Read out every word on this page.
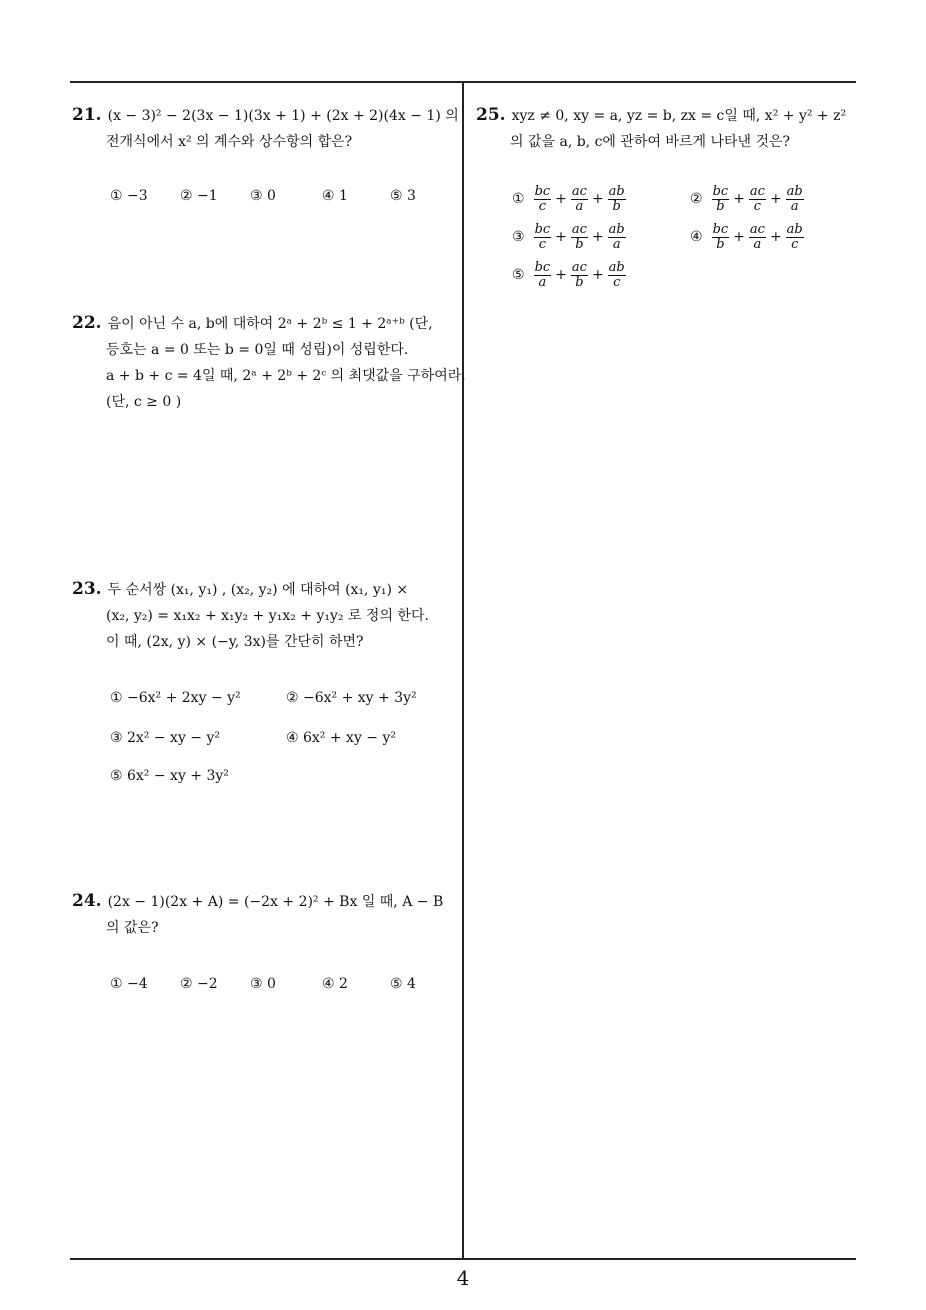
21. (x − 3)² − 2(3x − 1)(3x + 1) + (2x + 2)(4x − 1) 의
전개식에서 x² 의 계수와 상수항의 합은?
① −3 ② −1 ③ 0	④ 1	⑤ 3
22. 음이 아닌 수 a, b에 대하여 2ᵃ + 2ᵇ ≤ 1 + 2ᵃ⁺ᵇ (단,
등호는 a = 0 또는 b = 0일 때 성립)이 성립한다.
a + b + c = 4일 때, 2ᵃ + 2ᵇ + 2ᶜ 의 최댓값을 구하여라.
(단, c ≥ 0 )
23. 두 순서쌍 (x₁, y₁) , (x₂, y₂) 에 대하여 (x₁, y₁) ×
(x₂, y₂) = x₁x₂ + x₁y₂ + y₁x₂ + y₁y₂ 로 정의 한다.
이 때, (2x, y) × (−y, 3x)를 간단히 하면?
① −6x² + 2xy − y²	② −6x² + xy + 3y²
③ 2x² − xy − y²	④ 6x² + xy − y²
⑤ 6x² − xy + 3y²
24. (2x − 1)(2x + A) = (−2x + 2)² + Bx 일 때, A − B
의 값은?
① −4 ② −2 ③ 0	④ 2	⑤ 4
25. xyz ≠ 0, xy = a, yz = b, zx = c일 때, x² + y² + z²
의 값을 a, b, c에 관하여 바르게 나타낸 것은?
① $\frac{bc}{c} + \frac{ac}{a} + \frac{ab}{b}$	② $\frac{bc}{b} + \frac{ac}{c} + \frac{ab}{a}$
③ $\frac{bc}{c} + \frac{ac}{b} + \frac{ab}{a}$	④ $\frac{bc}{b} + \frac{ac}{a} + \frac{ab}{c}$
⑤ $\frac{bc}{a} + \frac{ac}{b} + \frac{ab}{c}$
4
